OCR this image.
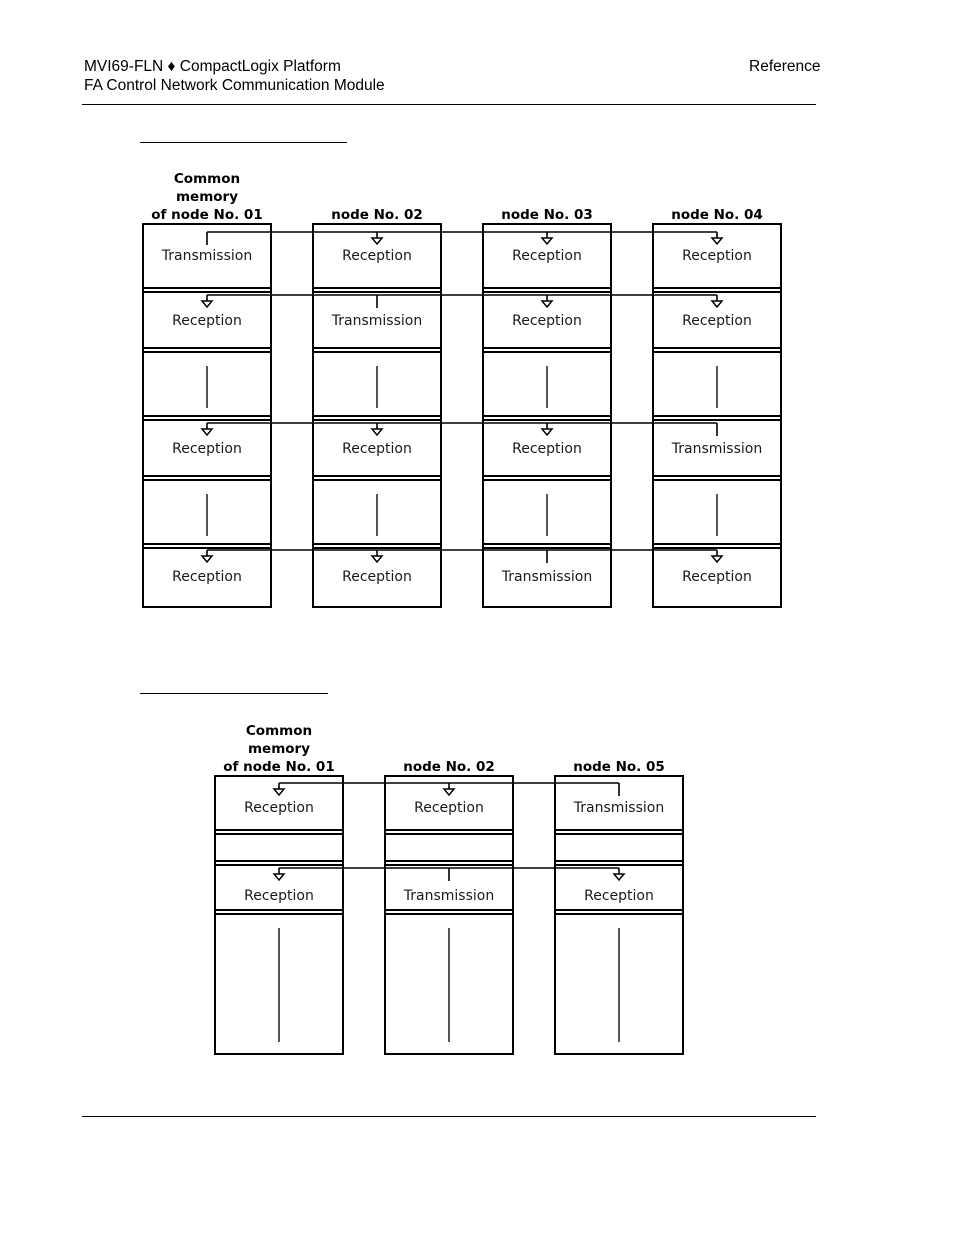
MVI69-FLN ♦ CompactLogix Platform
FA Control Network Communication Module
Reference
Common
memory
of node No. 01
Transmission
Reception
Reception
Reception
node No. 02
Reception
Transmission
Reception
Reception
node No. 03
Reception
Reception
Reception
Transmission
node No. 04
Reception
Reception
Transmission
Reception
Common
memory
of node No. 01
Reception
Reception
node No. 02
Reception
Transmission
node No. 05
Transmission
Reception
